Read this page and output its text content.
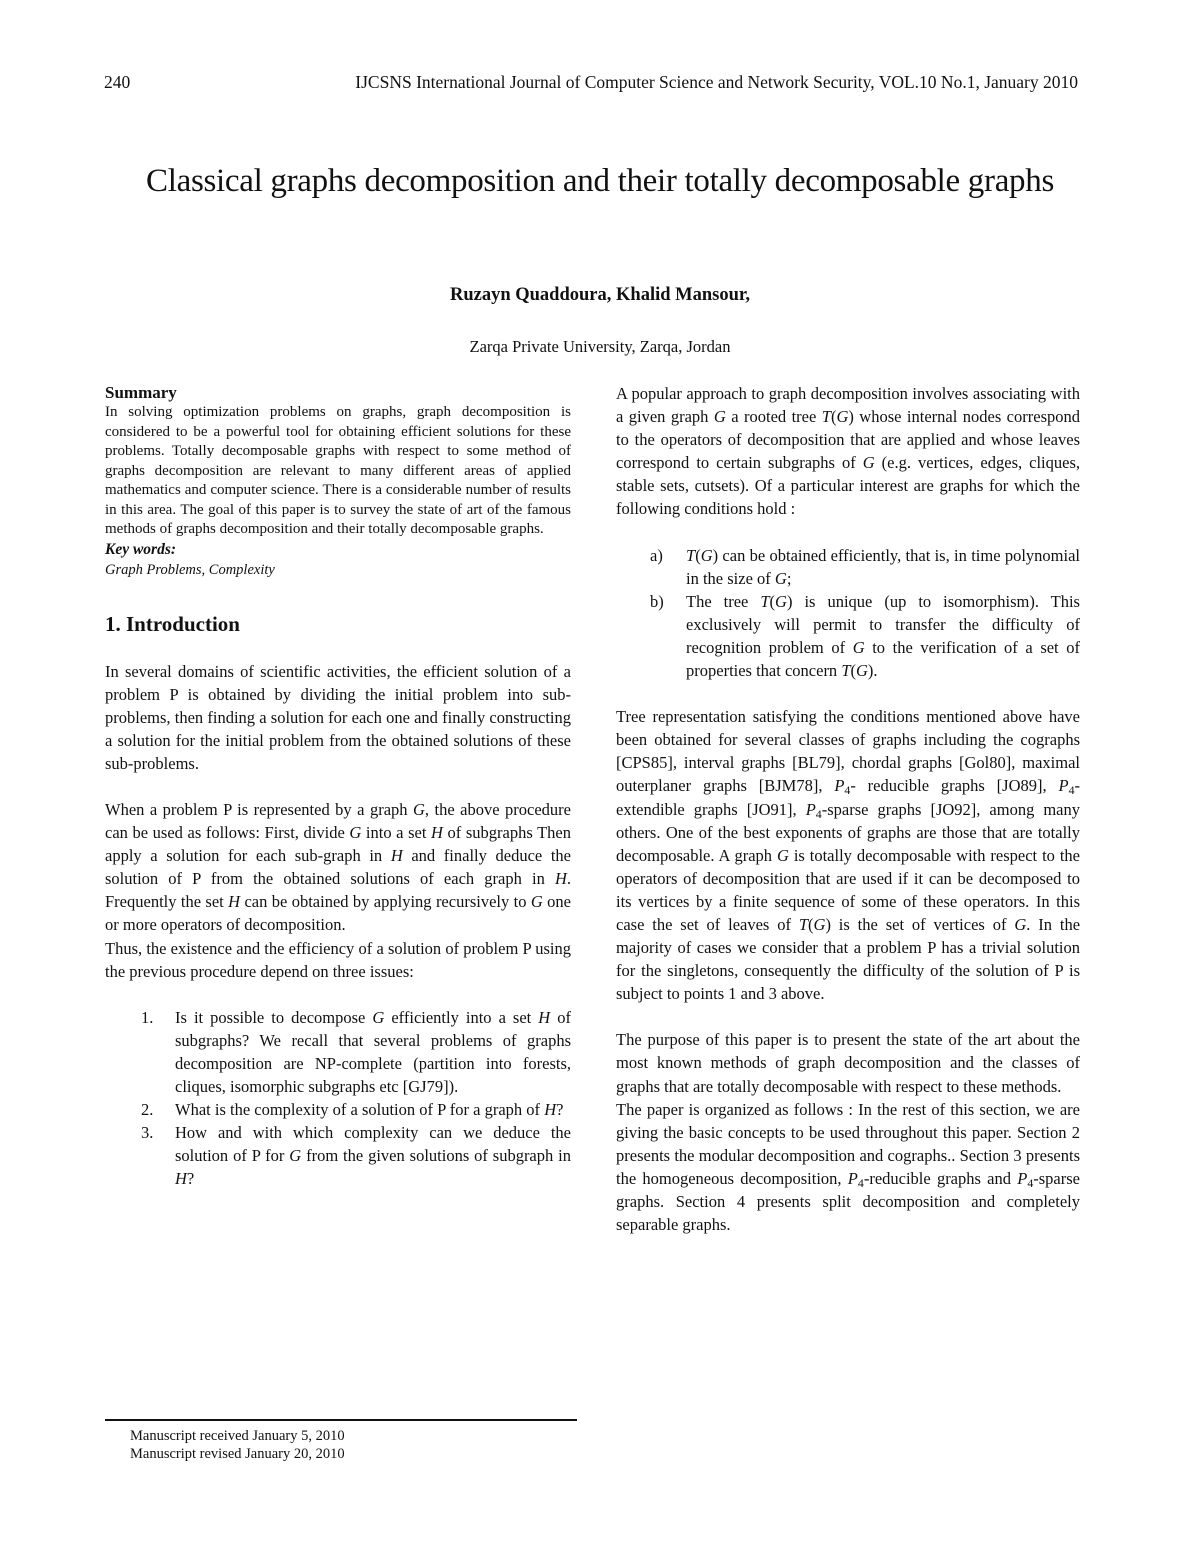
240	IJCSNS International Journal of Computer Science and Network Security, VOL.10 No.1, January 2010
Classical graphs decomposition and their totally decomposable graphs
Ruzayn Quaddoura, Khalid Mansour,
Zarqa Private University, Zarqa, Jordan
Summary

In solving optimization problems on graphs, graph decomposition is considered to be a powerful tool for obtaining efficient solutions for these problems. Totally decomposable graphs with respect to some method of graphs decomposition are relevant to many different areas of applied mathematics and computer science. There is a considerable number of results in this area. The goal of this paper is to survey the state of art of the famous methods of graphs decomposition and their totally decomposable graphs.

Key words:
Graph Problems, Complexity
1. Introduction

In several domains of scientific activities, the efficient solution of a problem P is obtained by dividing the initial problem into sub-problems, then finding a solution for each one and finally constructing a solution for the initial problem from the obtained solutions of these sub-problems.

When a problem P is represented by a graph G, the above procedure can be used as follows: First, divide G into a set H of subgraphs Then apply a solution for each sub-graph in H and finally deduce the solution of P from the obtained solutions of each graph in H. Frequently the set H can be obtained by applying recursively to G one or more operators of decomposition.

Thus, the existence and the efficiency of a solution of problem P using the previous procedure depend on three issues:

1. Is it possible to decompose G efficiently into a set H of subgraphs? We recall that several problems of graphs decomposition are NP-complete (partition into forests, cliques, isomorphic subgraphs etc [GJ79]).
2. What is the complexity of a solution of P for a graph of H?
3. How and with which complexity can we deduce the solution of P for G from the given solutions of subgraph in H?

A popular approach to graph decomposition involves associating with a given graph G a rooted tree T(G) whose internal nodes correspond to the operators of decomposition that are applied and whose leaves correspond to certain subgraphs of G (e.g. vertices, edges, cliques, stable sets, cutsets). Of a particular interest are graphs for which the following conditions hold :

a) T(G) can be obtained efficiently, that is, in time polynomial in the size of G;
b) The tree T(G) is unique (up to isomorphism). This exclusively will permit to transfer the difficulty of recognition problem of G to the verification of a set of properties that concern T(G).

Tree representation satisfying the conditions mentioned above have been obtained for several classes of graphs including the cographs [CPS85], interval graphs [BL79], chordal graphs [Gol80], maximal outerplaner graphs [BJM78], $P_4-$ reducible graphs [JO89], $P_4$-extendible graphs [JO91], $P_4$-sparse graphs [JO92], among many others. One of the best exponents of graphs are those that are totally decomposable. A graph G is totally decomposable with respect to the operators of decomposition that are used if it can be decomposed to its vertices by a finite sequence of some of these operators. In this case the set of leaves of T(G) is the set of vertices of G. In the majority of cases we consider that a problem P has a trivial solution for the singletons, consequently the difficulty of the solution of P is subject to points 1 and 3 above.

The purpose of this paper is to present the state of the art about the most known methods of graph decomposition and the classes of graphs that are totally decomposable with respect to these methods.

The paper is organized as follows : In the rest of this section, we are giving the basic concepts to be used throughout this paper. Section 2 presents the modular decomposition and cographs.. Section 3 presents the homogeneous decomposition, $P_4$-reducible graphs and $P_4$-sparse graphs. Section 4 presents split decomposition and completely separable graphs.

Manuscript received January 5, 2010
Manuscript revised January 20, 2010
